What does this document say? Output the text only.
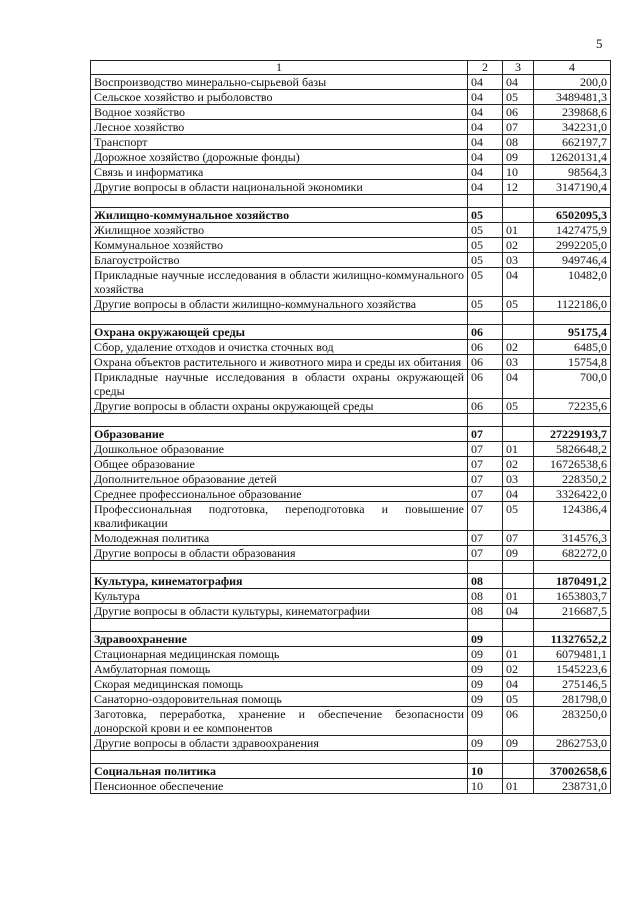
5
1	2	3	4
Воспроизводство минерально-сырьевой базы	04	04	200,0
Сельское хозяйство и рыболовство	04	05	3489481,3
Водное хозяйство	04	06	239868,6
Лесное хозяйство	04	07	342231,0
Транспорт	04	08	662197,7
Дорожное хозяйство (дорожные фонды)	04	09	12620131,4
Связь и информатика	04	10	98564,3
Другие вопросы в области национальной экономики	04	12	3147190,4

Жилищно-коммунальное хозяйство	05		6502095,3
Жилищное хозяйство	05	01	1427475,9
Коммунальное хозяйство	05	02	2992205,0
Благоустройство	05	03	949746,4
Прикладные научные исследования в области жилищно-коммунального хозяйства	05	04	10482,0
Другие вопросы в области жилищно-коммунального хозяйства	05	05	1122186,0

Охрана окружающей среды	06		95175,4
Сбор, удаление отходов и очистка сточных вод	06	02	6485,0
Охрана объектов растительного и животного мира и среды их обитания	06	03	15754,8
Прикладные научные исследования в области охраны окружающей среды	06	04	700,0
Другие вопросы в области охраны окружающей среды	06	05	72235,6

Образование	07		27229193,7
Дошкольное образование	07	01	5826648,2
Общее образование	07	02	16726538,6
Дополнительное образование детей	07	03	228350,2
Среднее профессиональное образование	07	04	3326422,0
Профессиональная подготовка, переподготовка и повышение квалификации	07	05	124386,4
Молодежная политика	07	07	314576,3
Другие вопросы в области образования	07	09	682272,0

Культура, кинематография	08		1870491,2
Культура	08	01	1653803,7
Другие вопросы в области культуры, кинематографии	08	04	216687,5

Здравоохранение	09		11327652,2
Стационарная медицинская помощь	09	01	6079481,1
Амбулаторная помощь	09	02	1545223,6
Скорая медицинская помощь	09	04	275146,5
Санаторно-оздоровительная помощь	09	05	281798,0
Заготовка, переработка, хранение и обеспечение безопасности донорской крови и ее компонентов	09	06	283250,0
Другие вопросы в области здравоохранения	09	09	2862753,0

Социальная политика	10		37002658,6
Пенсионное обеспечение	10	01	238731,0
